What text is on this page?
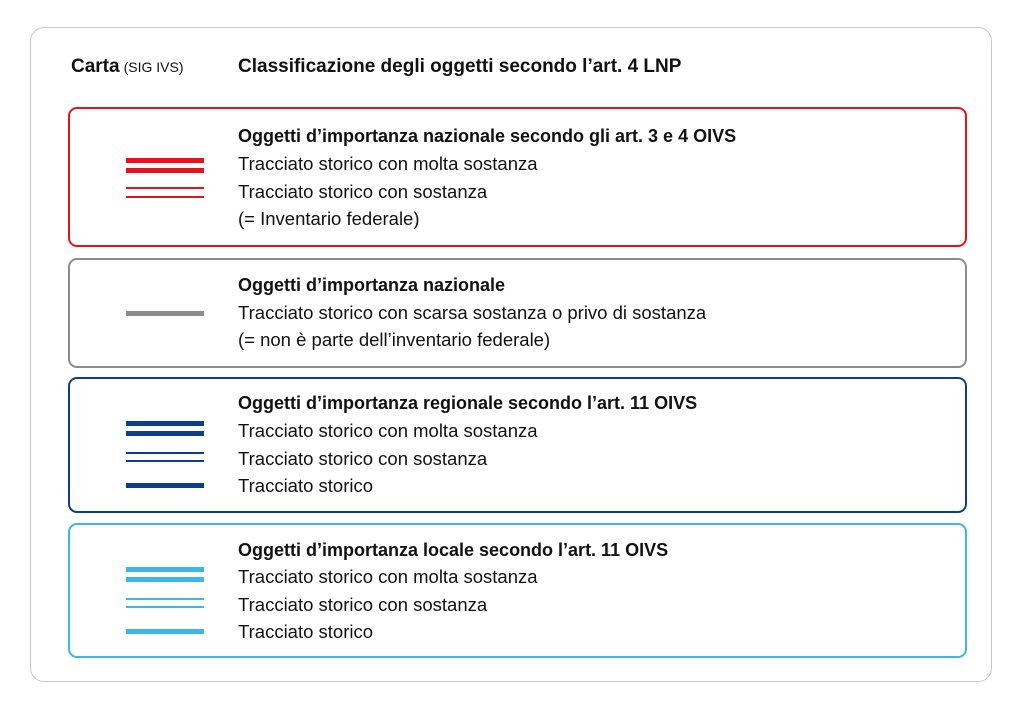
Carta (SIG IVS)	Classificazione degli oggetti secondo l’art. 4 LNP
Oggetti d’importanza nazionale secondo gli art. 3 e 4 OIVS
Tracciato storico con molta sostanza
Tracciato storico con sostanza
(= Inventario federale)
Oggetti d’importanza nazionale
Tracciato storico con scarsa sostanza o privo di sostanza
(= non è parte dell’inventario federale)
Oggetti d’importanza regionale secondo l’art. 11 OIVS
Tracciato storico con molta sostanza
Tracciato storico con sostanza
Tracciato storico
Oggetti d’importanza locale secondo l’art. 11 OIVS
Tracciato storico con molta sostanza
Tracciato storico con sostanza
Tracciato storico
